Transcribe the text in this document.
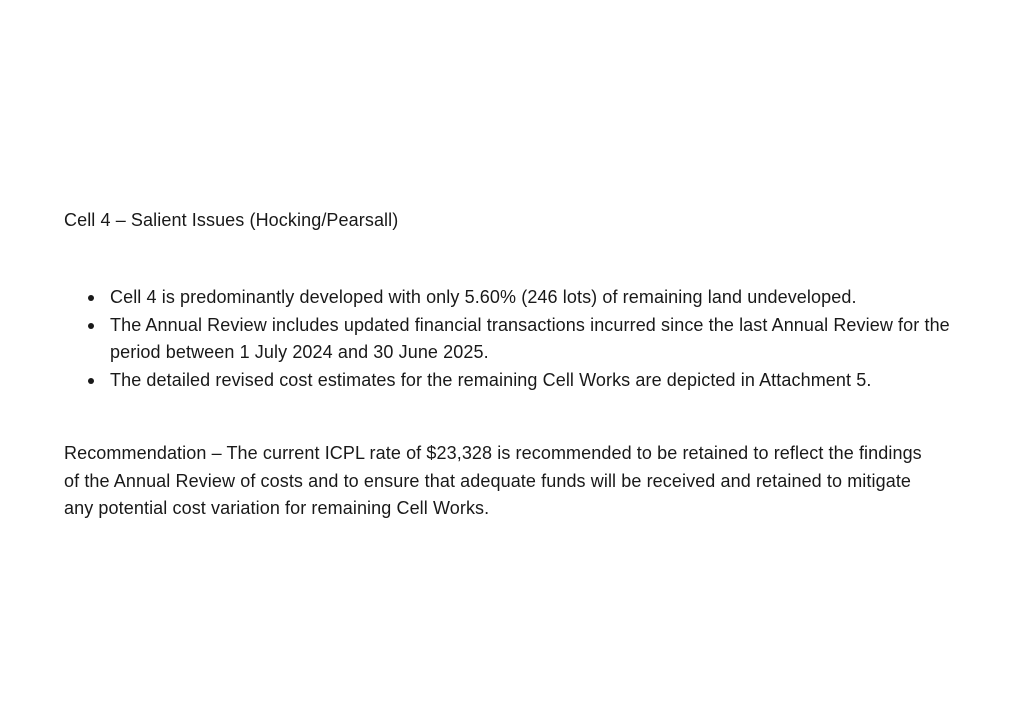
Cell 4 – Salient Issues (Hocking/Pearsall)

Cell 4 is predominantly developed with only 5.60% (246 lots) of remaining land undeveloped.
The Annual Review includes updated financial transactions incurred since the last Annual Review for the period between 1 July 2024 and 30 June 2025.
The detailed revised cost estimates for the remaining Cell Works are depicted in Attachment 5.

Recommendation – The current ICPL rate of $23,328 is recommended to be retained to reflect the findings of the Annual Review of costs and to ensure that adequate funds will be received and retained to mitigate any potential cost variation for remaining Cell Works.
